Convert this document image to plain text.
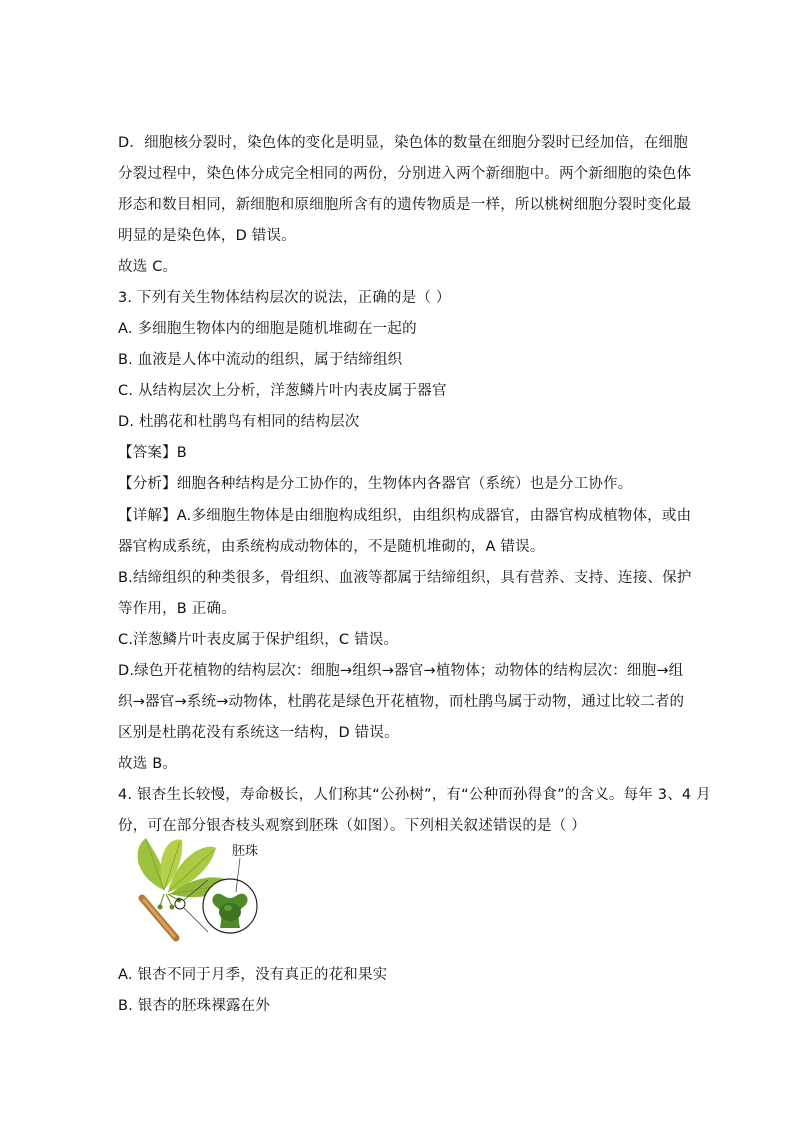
D．细胞核分裂时，染色体的变化是明显，染色体的数量在细胞分裂时已经加倍，在细胞
分裂过程中，染色体分成完全相同的两份，分别进入两个新细胞中。两个新细胞的染色体
形态和数目相同，新细胞和原细胞所含有的遗传物质是一样，所以桃树细胞分裂时变化最
明显的是染色体，D 错误。
故选 C。
3. 下列有关生物体结构层次的说法，正确的是（ ）
A. 多细胞生物体内的细胞是随机堆砌在一起的
B. 血液是人体中流动的组织，属于结缔组织
C. 从结构层次上分析，洋葱鳞片叶内表皮属于器官
D. 杜鹃花和杜鹃鸟有相同的结构层次
【答案】B
【分析】细胞各种结构是分工协作的，生物体内各器官（系统）也是分工协作。
【详解】A.多细胞生物体是由细胞构成组织，由组织构成器官，由器官构成植物体，或由
器官构成系统，由系统构成动物体的，不是随机堆砌的，A 错误。
B.结缔组织的种类很多，骨组织、血液等都属于结缔组织，具有营养、支持、连接、保护
等作用，B 正确。
C.洋葱鳞片叶表皮属于保护组织，C 错误。
D.绿色开花植物的结构层次：细胞→组织→器官→植物体；动物体的结构层次：细胞→组
织→器官→系统→动物体，杜鹃花是绿色开花植物，而杜鹃鸟属于动物，通过比较二者的
区别是杜鹃花没有系统这一结构，D 错误。
故选 B。
4. 银杏生长较慢，寿命极长，人们称其“公孙树”，有“公种而孙得食”的含义。每年 3、4 月
份，可在部分银杏枝头观察到胚珠（如图）。下列相关叙述错误的是（ ）
胚珠
A. 银杏不同于月季，没有真正的花和果实
B. 银杏的胚珠裸露在外
